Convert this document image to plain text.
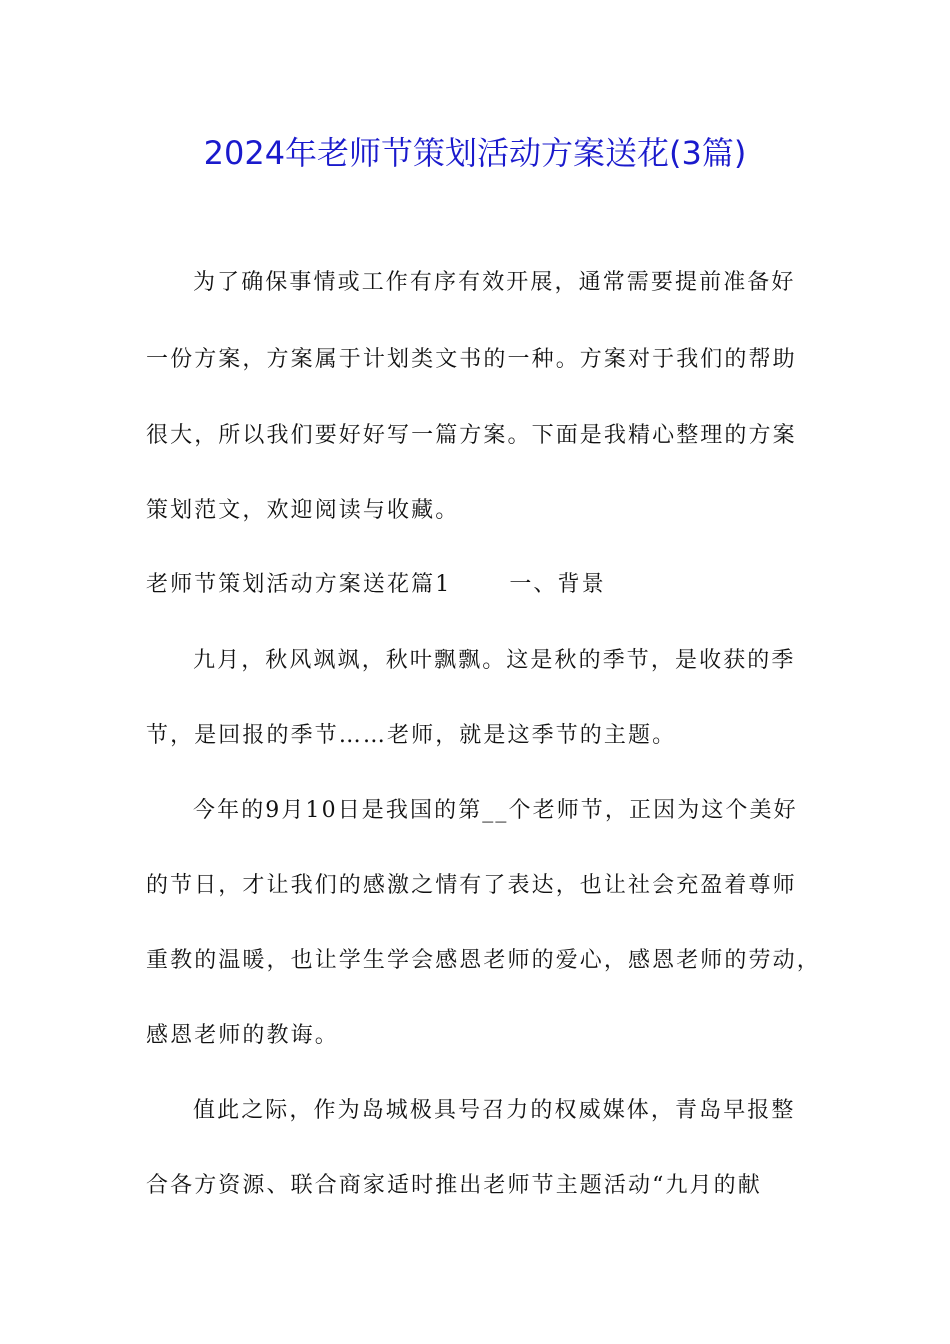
2024年老师节策划活动方案送花(3篇)
为了确保事情或工作有序有效开展，通常需要提前准备好
一份方案，方案属于计划类文书的一种。方案对于我们的帮助
很大，所以我们要好好写一篇方案。下面是我精心整理的方案
策划范文，欢迎阅读与收藏。
老师节策划活动方案送花篇1	一、背景
九月，秋风飒飒，秋叶飘飘。这是秋的季节，是收获的季
节，是回报的季节……老师，就是这季节的主题。
今年的9月10日是我国的第__个老师节，正因为这个美好
的节日，才让我们的感激之情有了表达，也让社会充盈着尊师
重教的温暖，也让学生学会感恩老师的爱心，感恩老师的劳动，
感恩老师的教诲。
值此之际，作为岛城极具号召力的权威媒体，青岛早报整
合各方资源、联合商家适时推出老师节主题活动“九月的献
